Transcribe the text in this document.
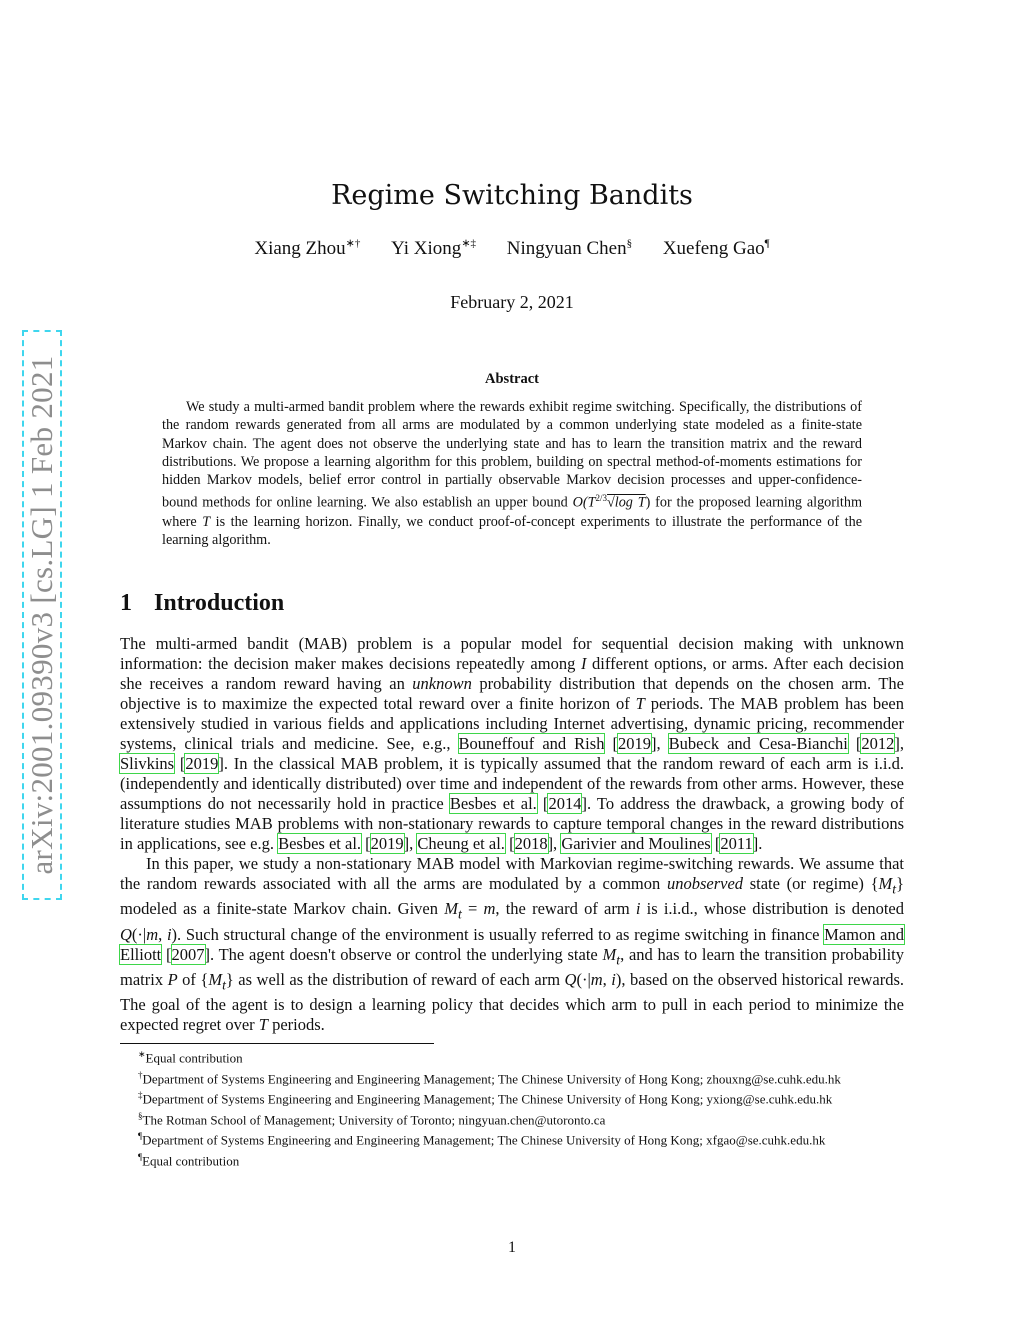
arXiv:2001.09390v3 [cs.LG] 1 Feb 2021
Regime Switching Bandits
Xiang Zhou∗† Yi Xiong∗‡ Ningyuan Chen§ Xuefeng Gao¶
February 2, 2021
Abstract

We study a multi-armed bandit problem where the rewards exhibit regime switching. Specifically, the distributions of the random rewards generated from all arms are modulated by a common underlying state modeled as a finite-state Markov chain. The agent does not observe the underlying state and has to learn the transition matrix and the reward distributions. We propose a learning algorithm for this problem, building on spectral method-of-moments estimations for hidden Markov models, belief error control in partially observable Markov decision processes and upper-confidence-bound methods for online learning. We also establish an upper bound $O(T^{2/3}√\log$ T) for the proposed learning algorithm where T is the learning horizon. Finally, we conduct proof-of-concept experiments to illustrate the performance of the learning algorithm.

1 Introduction

The multi-armed bandit (MAB) problem is a popular model for sequential decision making with unknown information: the decision maker makes decisions repeatedly among I different options, or arms. After each decision she receives a random reward having an unknown probability distribution that depends on the chosen arm. The objective is to maximize the expected total reward over a finite horizon of T periods. The MAB problem has been extensively studied in various fields and applications including Internet advertising, dynamic pricing, recommender systems, clinical trials and medicine. See, e.g., Bouneffouf and Rish [2019], Bubeck and Cesa-Bianchi [2012], Slivkins [2019]. In the classical MAB problem, it is typically assumed that the random reward of each arm is i.i.d. (independently and identically distributed) over time and independent of the rewards from other arms. However, these assumptions do not necessarily hold in practice Besbes et al. [2014]. To address the drawback, a growing body of literature studies MAB problems with non-stationary rewards to capture temporal changes in the reward distributions in applications, see e.g. Besbes et al. [2019], Cheung et al. [2018], Garivier and Moulines [2011].

In this paper, we study a non-stationary MAB model with Markovian regime-switching rewards. We assume that the random rewards associated with all the arms are modulated by a common unobserved state (or regime) $\{M_t\}$ modeled as a finite-state Markov chain. Given $M_t = m$, the reward of arm i is i.i.d., whose distribution is denoted Q(·|m, i). Such structural change of the environment is usually referred to as regime switching in finance Mamon and Elliott [2007]. The agent doesn't observe or control the underlying state $M_t$, and has to learn the transition probability matrix P of $\{M_t\}$ as well as the distribution of reward of each arm Q(·|m, i), based on the observed historical rewards. The goal of the agent is to design a learning policy that decides which arm to pull in each period to minimize the expected regret over T periods.

∗Equal contribution

†Department of Systems Engineering and Engineering Management; The Chinese University of Hong Kong; zhouxng@se.cuhk.edu.hk

‡Department of Systems Engineering and Engineering Management; The Chinese University of Hong Kong; yxiong@se.cuhk.edu.hk

§The Rotman School of Management; University of Toronto; ningyuan.chen@utoronto.ca

¶Department of Systems Engineering and Engineering Management; The Chinese University of Hong Kong; xfgao@se.cuhk.edu.hk

¶Equal contribution

1
